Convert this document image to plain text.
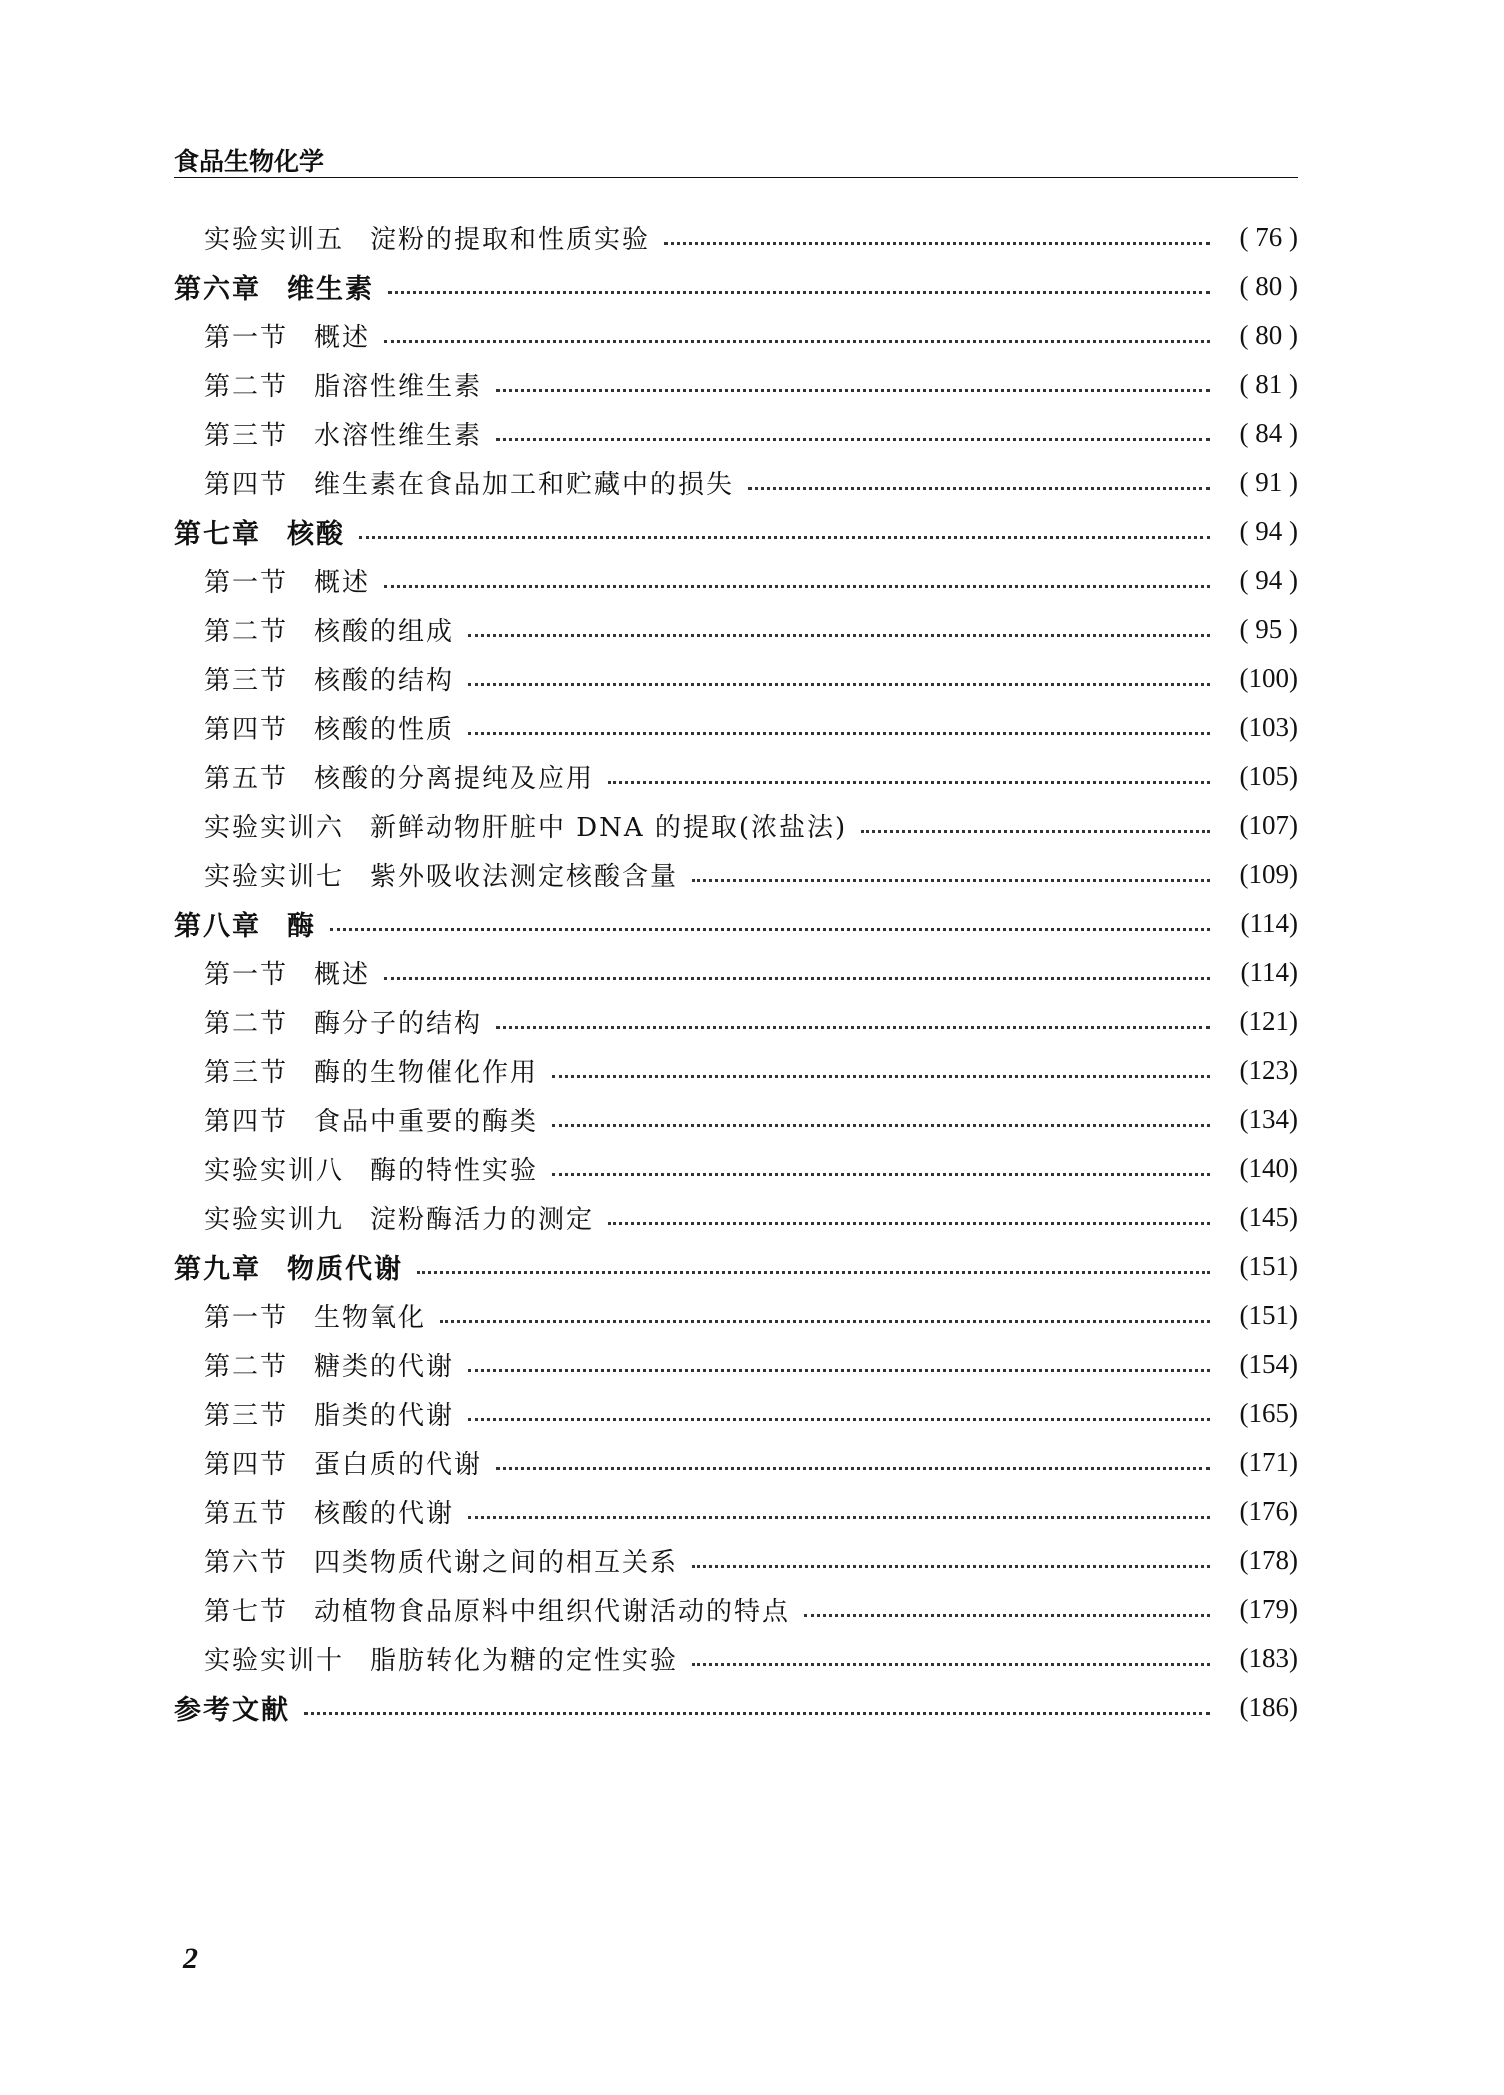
食品生物化学
实验实训五 淀粉的提取和性质实验	( 76 )
第六章 维生素	( 80 )
第一节 概述	( 80 )
第二节 脂溶性维生素	( 81 )
第三节 水溶性维生素	( 84 )
第四节 维生素在食品加工和贮藏中的损失	( 91 )
第七章 核酸	( 94 )
第一节 概述	( 94 )
第二节 核酸的组成	( 95 )
第三节 核酸的结构	(100)
第四节 核酸的性质	(103)
第五节 核酸的分离提纯及应用	(105)
实验实训六 新鲜动物肝脏中 DNA 的提取(浓盐法)	(107)
实验实训七 紫外吸收法测定核酸含量	(109)
第八章 酶	(114)
第一节 概述	(114)
第二节 酶分子的结构	(121)
第三节 酶的生物催化作用	(123)
第四节 食品中重要的酶类	(134)
实验实训八 酶的特性实验	(140)
实验实训九 淀粉酶活力的测定	(145)
第九章 物质代谢	(151)
第一节 生物氧化	(151)
第二节 糖类的代谢	(154)
第三节 脂类的代谢	(165)
第四节 蛋白质的代谢	(171)
第五节 核酸的代谢	(176)
第六节 四类物质代谢之间的相互关系	(178)
第七节 动植物食品原料中组织代谢活动的特点	(179)
实验实训十 脂肪转化为糖的定性实验	(183)
参考文献	(186)
2
